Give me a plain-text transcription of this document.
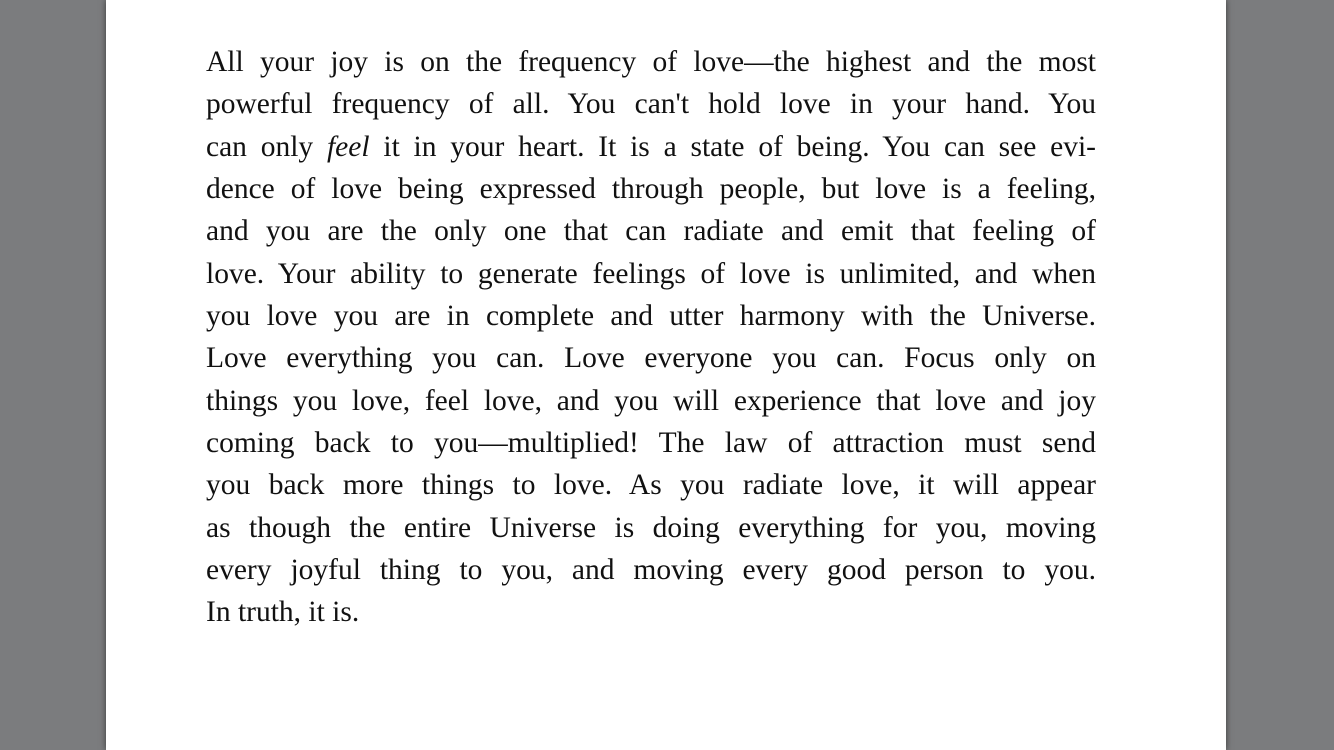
All your joy is on the frequency of love—the highest and the most
powerful frequency of all. You can't hold love in your hand. You
can only feel it in your heart. It is a state of being. You can see evi-
dence of love being expressed through people, but love is a feeling,
and you are the only one that can radiate and emit that feeling of
love. Your ability to generate feelings of love is unlimited, and when
you love you are in complete and utter harmony with the Universe.
Love everything you can. Love everyone you can. Focus only on
things you love, feel love, and you will experience that love and joy
coming back to you—multiplied! The law of attraction must send
you back more things to love. As you radiate love, it will appear
as though the entire Universe is doing everything for you, moving
every joyful thing to you, and moving every good person to you.
In truth, it is.
